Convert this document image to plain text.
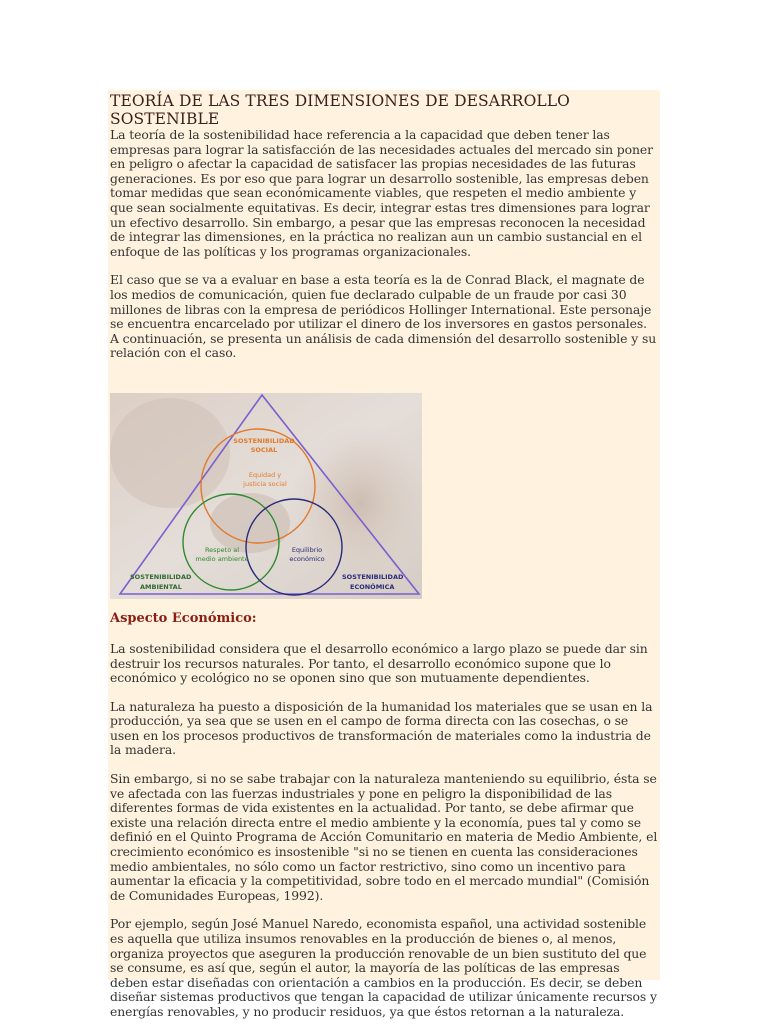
TEORÍA DE LAS TRES DIMENSIONES DE DESARROLLO SOSTENIBLE

La teoría de la sostenibilidad hace referencia a la capacidad que deben tener las empresas para lograr la satisfacción de las necesidades actuales del mercado sin poner en peligro o afectar la capacidad de satisfacer las propias necesidades de las futuras generaciones. Es por eso que para lograr un desarrollo sostenible, las empresas deben tomar medidas que sean económicamente viables, que respeten el medio ambiente y que sean socialmente equitativas. Es decir, integrar estas tres dimensiones para lograr un efectivo desarrollo. Sin embargo, a pesar que las empresas reconocen la necesidad de integrar las dimensiones, en la práctica no realizan aun un cambio sustancial en el enfoque de las políticas y los programas organizacionales.

El caso que se va a evaluar en base a esta teoría es la de Conrad Black, el magnate de los medios de comunicación, quien fue declarado culpable de un fraude por casi 30 millones de libras con la empresa de periódicos Hollinger International. Este personaje se encuentra encarcelado por utilizar el dinero de los inversores en gastos personales. A continuación, se presenta un análisis de cada dimensión del desarrollo sostenible y su relación con el caso.

SOSTENIBILIDAD
SOCIAL
Equidad y
justicia social
Respeto al
medio ambiente
Equilibrio
económico
SOSTENIBILIDAD
AMBIENTAL
SOSTENIBILIDAD
ECONÓMICA
Aspecto Económico:

La sostenibilidad considera que el desarrollo económico a largo plazo se puede dar sin destruir los recursos naturales. Por tanto, el desarrollo económico supone que lo económico y ecológico no se oponen sino que son mutuamente dependientes.

La naturaleza ha puesto a disposición de la humanidad los materiales que se usan en la producción, ya sea que se usen en el campo de forma directa con las cosechas, o se usen en los procesos productivos de transformación de materiales como la industria de la madera.

Sin embargo, si no se sabe trabajar con la naturaleza manteniendo su equilibrio, ésta se ve afectada con las fuerzas industriales y pone en peligro la disponibilidad de las diferentes formas de vida existentes en la actualidad. Por tanto, se debe afirmar que existe una relación directa entre el medio ambiente y la economía, pues tal y como se definió en el Quinto Programa de Acción Comunitario en materia de Medio Ambiente, el crecimiento económico es insostenible "si no se tienen en cuenta las consideraciones medio ambientales, no sólo como un factor restrictivo, sino como un incentivo para aumentar la eficacia y la competitividad, sobre todo en el mercado mundial" (Comisión de Comunidades Europeas, 1992).

Por ejemplo, según José Manuel Naredo, economista español, una actividad sostenible es aquella que utiliza insumos renovables en la producción de bienes o, al menos, organiza proyectos que aseguren la producción renovable de un bien sustituto del que se consume, es así que, según el autor, la mayoría de las políticas de las empresas deben estar diseñadas con orientación a cambios en la producción. Es decir, se deben diseñar sistemas productivos que tengan la capacidad de utilizar únicamente recursos y energías renovables, y no producir residuos, ya que éstos retornan a la naturaleza.
